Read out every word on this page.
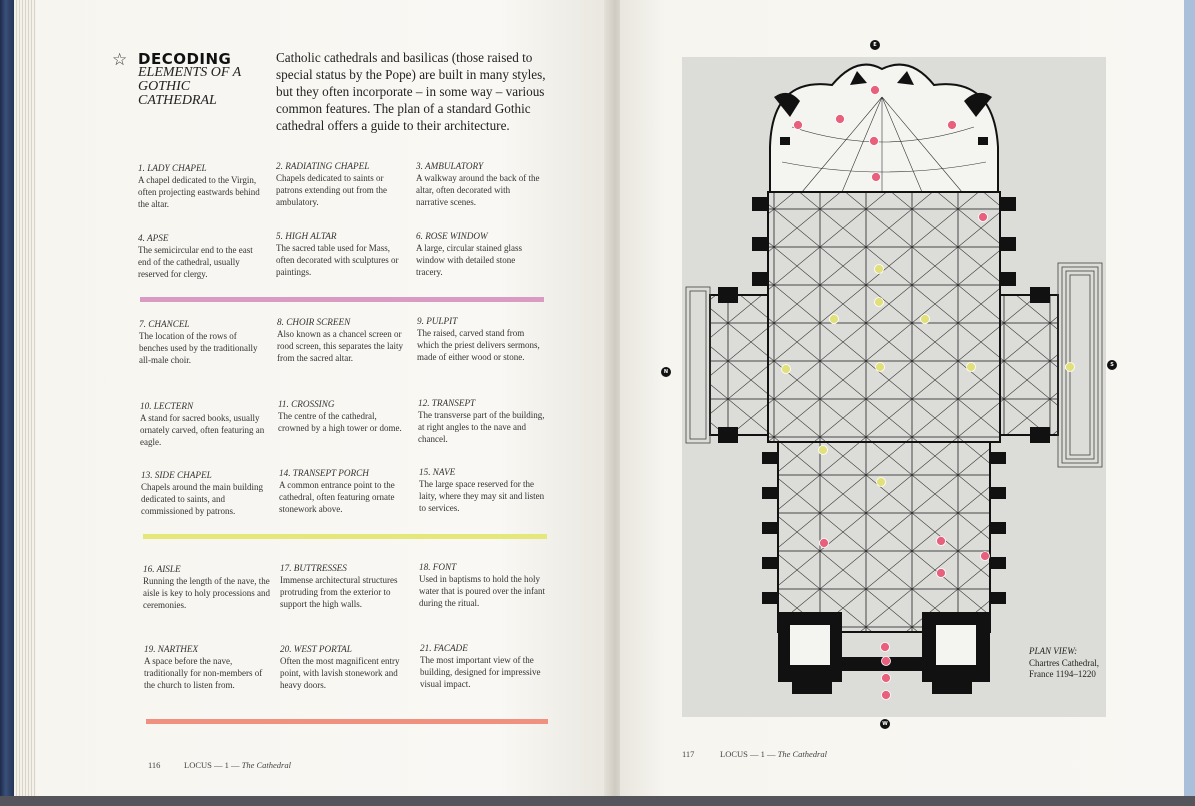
☆ DECODING
ELEMENTS OF A GOTHIC CATHEDRAL
Catholic cathedrals and basilicas (those raised to special status by the Pope) are built in many styles, but they often incorporate – in some way – various common features. The plan of a standard Gothic cathedral offers a guide to their architecture.
1. LADY CHAPEL
A chapel dedicated to the Virgin, often projecting eastwards behind the altar.
2. RADIATING CHAPEL
Chapels dedicated to saints or patrons extending out from the ambulatory.
3. AMBULATORY
A walkway around the back of the altar, often decorated with narrative scenes.
4. APSE
The semicircular end to the east end of the cathedral, usually reserved for clergy.
5. HIGH ALTAR
The sacred table used for Mass, often decorated with sculptures or paintings.
6. ROSE WINDOW
A large, circular stained glass window with detailed stone tracery.
7. CHANCEL
The location of the rows of benches used by the traditionally all-male choir.
8. CHOIR SCREEN
Also known as a chancel screen or rood screen, this separates the laity from the sacred altar.
9. PULPIT
The raised, carved stand from which the priest delivers sermons, made of either wood or stone.
10. LECTERN
A stand for sacred books, usually ornately carved, often featuring an eagle.
11. CROSSING
The centre of the cathedral, crowned by a high tower or dome.
12. TRANSEPT
The transverse part of the building, at right angles to the nave and chancel.
13. SIDE CHAPEL
Chapels around the main building dedicated to saints, and commissioned by patrons.
14. TRANSEPT PORCH
A common entrance point to the cathedral, often featuring ornate stonework above.
15. NAVE
The large space reserved for the laity, where they may sit and listen to services.
16. AISLE
Running the length of the nave, the aisle is key to holy processions and ceremonies.
17. BUTTRESSES
Immense architectural structures protruding from the exterior to support the high walls.
18. FONT
Used in baptisms to hold the holy water that is poured over the infant during the ritual.
19. NARTHEX
A space before the nave, traditionally for non-members of the church to listen from.
20. WEST PORTAL
Often the most magnificent entry point, with lavish stonework and heavy doors.
21. FACADE
The most important view of the building, designed for impressive visual impact.
116	LOCUS — 1 — The Cathedral
E
N
S
W
PLAN VIEW:
Chartres Cathedral, France 1194–1220
117	LOCUS — 1 — The Cathedral
